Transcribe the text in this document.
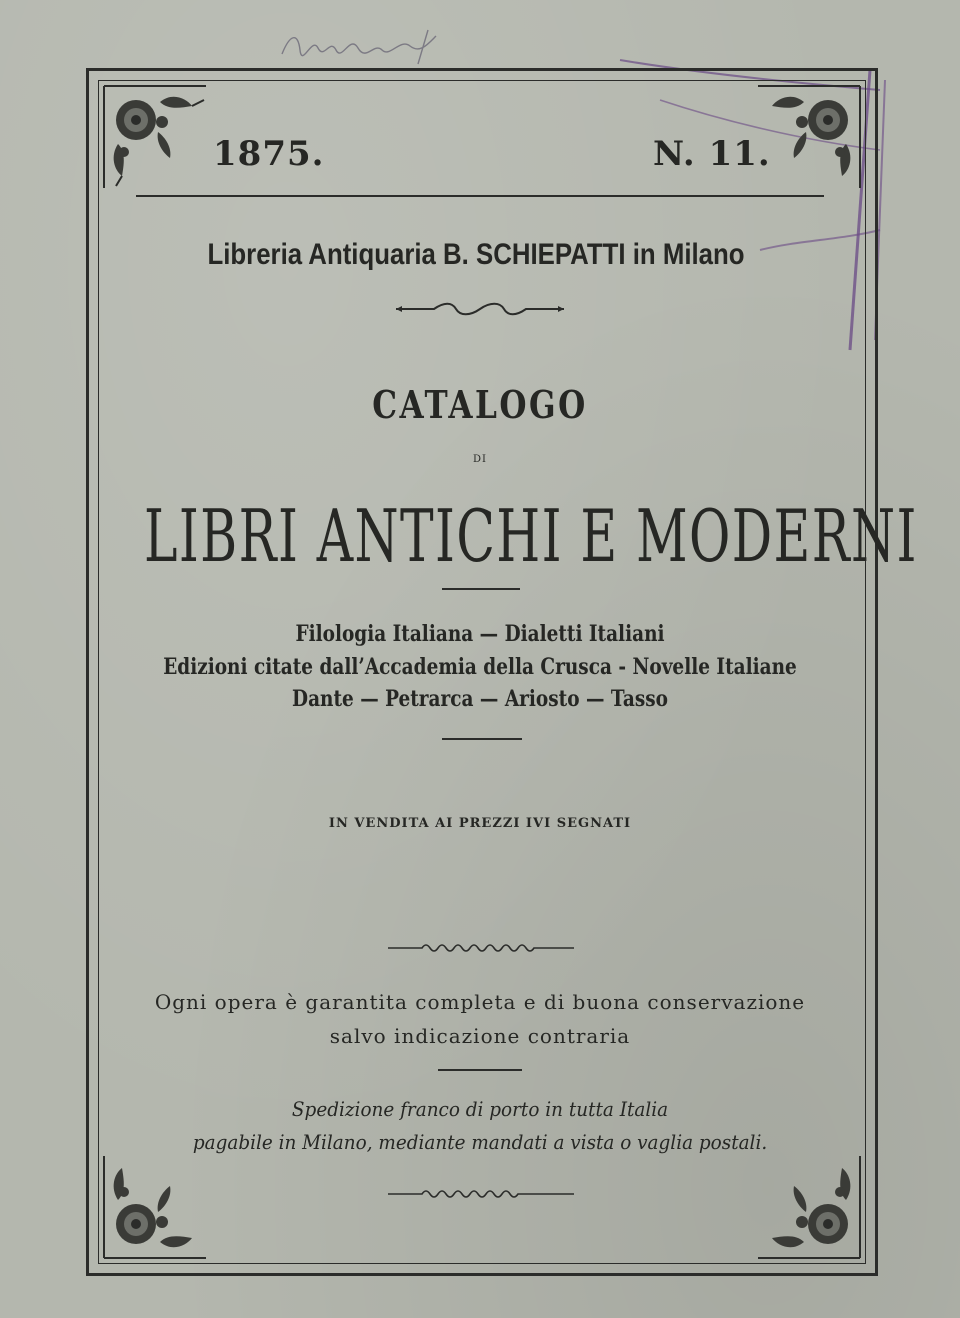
1875.	N. 11.
Libreria Antiquaria B. SCHIEPATTI in Milano
CATALOGO
DI
LIBRI ANTICHI E MODERNI
Filologia Italiana — Dialetti Italiani
Edizioni citate dall’Accademia della Crusca - Novelle Italiane
Dante — Petrarca — Ariosto — Tasso
IN VENDITA AI PREZZI IVI SEGNATI
Ogni opera è garantita completa e di buona conservazione
salvo indicazione contraria
Spedizione franco di porto in tutta Italia
pagabile in Milano, mediante mandati a vista o vaglia postali.
